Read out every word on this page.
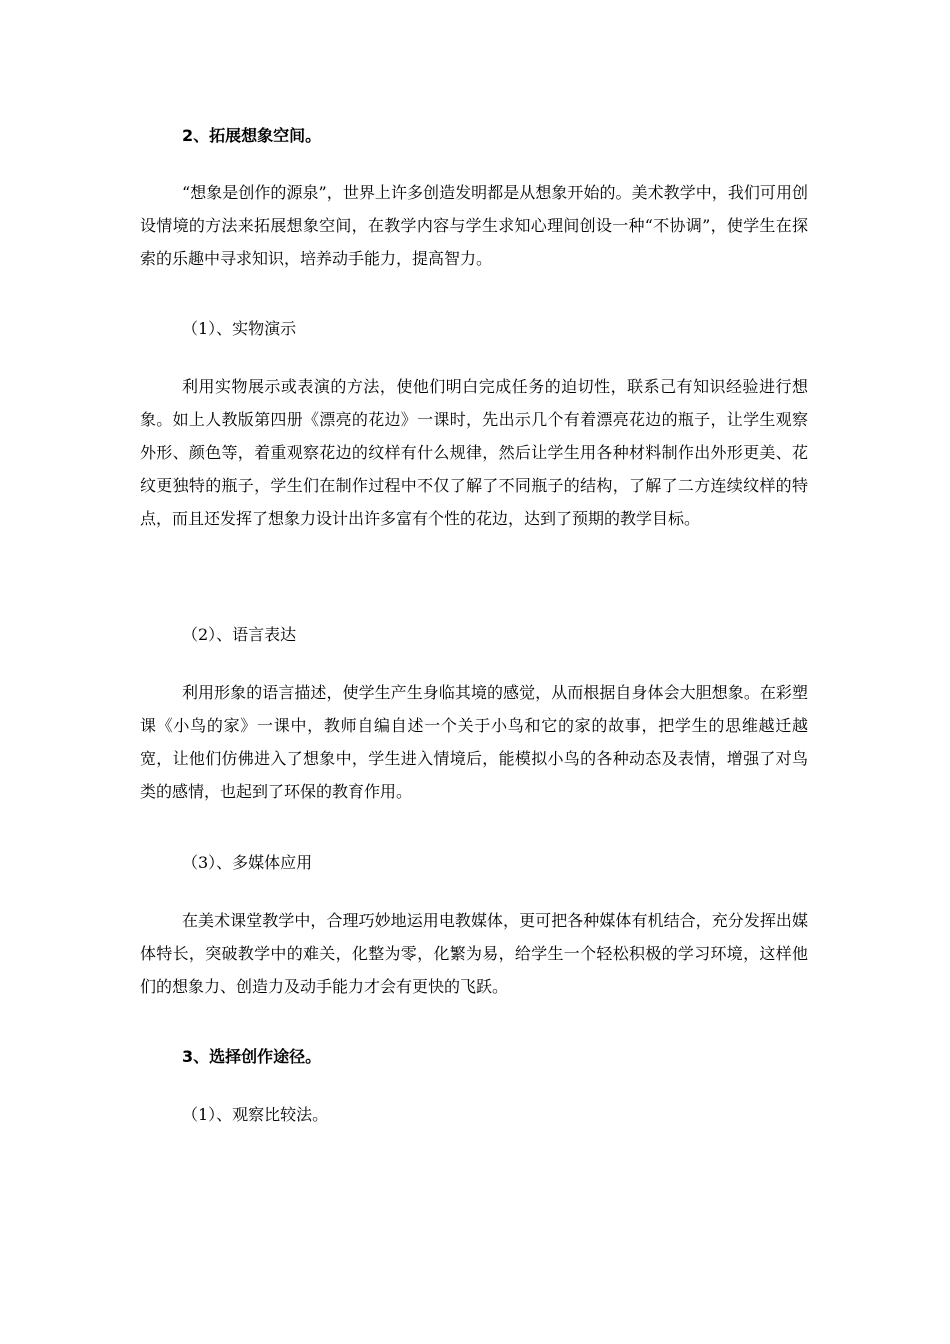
2、拓展想象空间。

“想象是创作的源泉”，世界上许多创造发明都是从想象开始的。美术教学中，我们可用创设情境的方法来拓展想象空间，在教学内容与学生求知心理间创设一种“不协调”，使学生在探索的乐趣中寻求知识，培养动手能力，提高智力。

（1）、实物演示

利用实物展示或表演的方法，使他们明白完成任务的迫切性，联系己有知识经验进行想象。如上人教版第四册《漂亮的花边》一课时，先出示几个有着漂亮花边的瓶子，让学生观察外形、颜色等，着重观察花边的纹样有什么规律，然后让学生用各种材料制作出外形更美、花纹更独特的瓶子，学生们在制作过程中不仅了解了不同瓶子的结构，了解了二方连续纹样的特点，而且还发挥了想象力设计出许多富有个性的花边，达到了预期的教学目标。

（2）、语言表达

利用形象的语言描述，使学生产生身临其境的感觉，从而根据自身体会大胆想象。在彩塑课《小鸟的家》一课中，教师自编自述一个关于小鸟和它的家的故事，把学生的思维越迁越宽，让他们仿佛进入了想象中，学生进入情境后，能模拟小鸟的各种动态及表情，增强了对鸟类的感情，也起到了环保的教育作用。

（3）、多媒体应用

在美术课堂教学中，合理巧妙地运用电教媒体，更可把各种媒体有机结合，充分发挥出媒体特长，突破教学中的难关，化整为零，化繁为易，给学生一个轻松积极的学习环境，这样他们的想象力、创造力及动手能力才会有更快的飞跃。

3、选择创作途径。

（1）、观察比较法。
